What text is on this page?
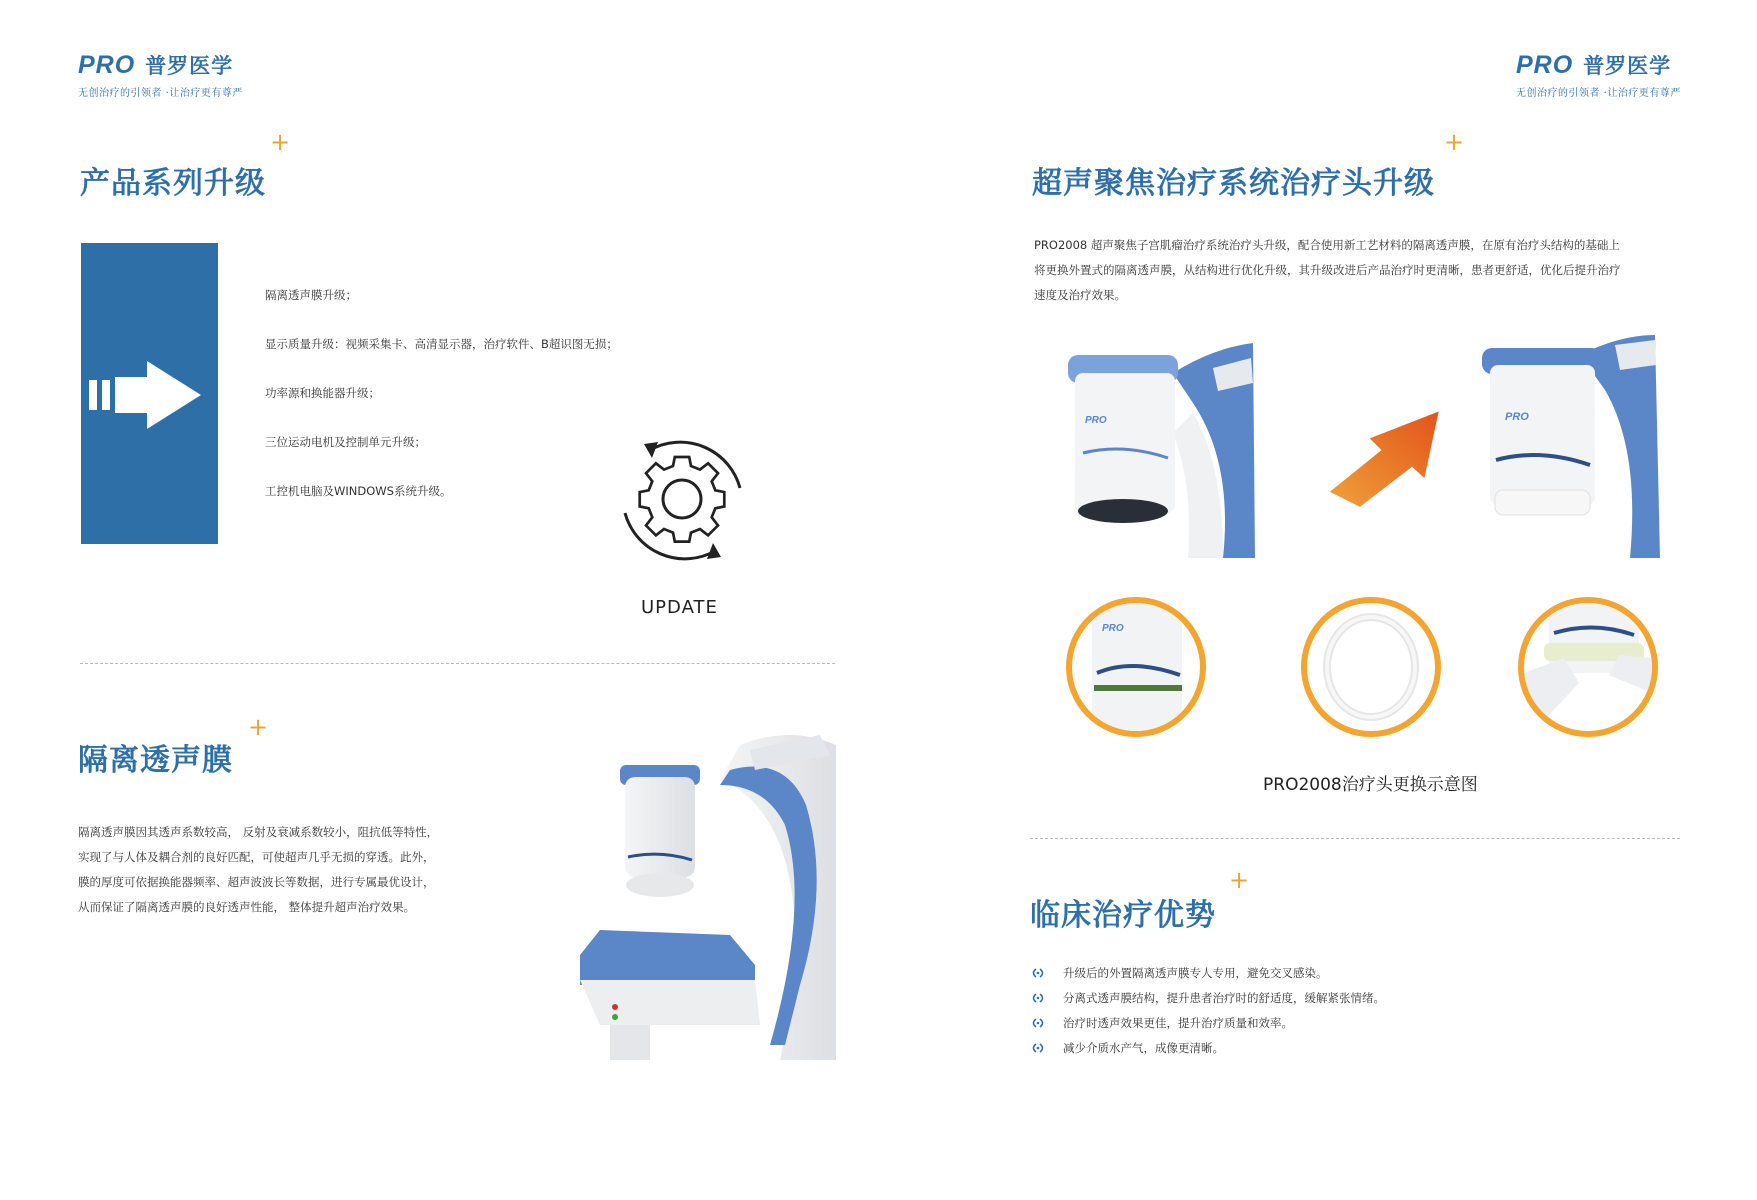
PRO 普罗医学
无创治疗的引领者 ·让治疗更有尊严
产品系列升级
+
隔离透声膜升级；
显示质量升级：视频采集卡、高清显示器，治疗软件、B超识图无损；
功率源和换能器升级；
三位运动电机及控制单元升级；
工控机电脑及WINDOWS系统升级。
UPDATE
隔离透声膜
+
隔离透声膜因其透声系数较高， 反射及衰减系数较小，阻抗低等特性，
实现了与人体及耦合剂的良好匹配，可使超声几乎无损的穿透。此外，
膜的厚度可依据换能器频率、超声波波长等数据，进行专属最优设计，
从而保证了隔离透声膜的良好透声性能， 整体提升超声治疗效果。
PRO 普罗医学
无创治疗的引领者 ·让治疗更有尊严
超声聚焦治疗系统治疗头升级
+
PRO2008 超声聚焦子宫肌瘤治疗系统治疗头升级，配合使用新工艺材料的隔离透声膜，在原有治疗头结构的基础上
将更换外置式的隔离透声膜，从结构进行优化升级，其升级改进后产品治疗时更清晰，患者更舒适，优化后提升治疗
速度及治疗效果。
PRO	PRO
PRO
PRO2008治疗头更换示意图
临床治疗优势
+
升级后的外置隔离透声膜专人专用，避免交叉感染。
分离式透声膜结构，提升患者治疗时的舒适度，缓解紧张情绪。
治疗时透声效果更佳，提升治疗质量和效率。
减少介质水产气，成像更清晰。
